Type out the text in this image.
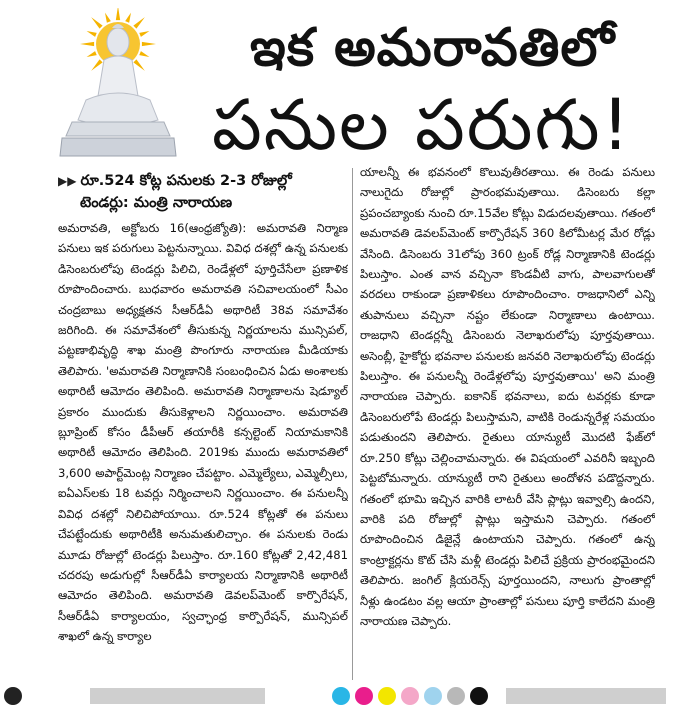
ఇక అమరావతిలో
పనుల పరుగు!
▶▶ రూ.524 కోట్ల పనులకు 2-3 రోజుల్లో
టెండర్లు: మంత్రి నారాయణ
అమరావతి, అక్టోబరు 16(ఆంధ్రజ్యోతి): అమరావతి నిర్మాణ పనులు ఇక పరుగులు పెట్టనున్నాయి. వివిధ దశల్లో ఉన్న పనులకు డిసెంబరులోపు టెండర్లు పిలిచి, రెండేళ్లలో పూర్తిచేసేలా ప్రణాళిక రూపొందించారు. బుధవారం అమరావతి సచివాలయంలో సీఎం చంద్రబాబు అధ్యక్షతన సీఆర్‌డీఏ అథారిటీ 38వ సమావేశం జరిగింది. ఈ సమావేశంలో తీసుకున్న నిర్ణయాలను మున్సిపల్, పట్టణాభివృద్ధి శాఖ మంత్రి పొంగూరు నారాయణ మీడియాకు తెలిపారు. 'అమరావతి నిర్మాణానికి సంబంధించిన ఏడు అంశాలకు అథారిటీ ఆమోదం తెలిపింది. అమరావతి నిర్మాణాలను షెడ్యూల్ ప్రకారం ముందుకు తీసుకెళ్లాలని నిర్ణయించాం. అమరావతి బ్లూప్రింట్ కోసం డీపీఆర్ తయారీకి కన్సల్టెంట్ నియామకానికి అథారిటీ ఆమోదం తెలిపింది. 2019కు ముందు అమరావతిలో 3,600 అపార్ట్‌మెంట్ల నిర్మాణం చేపట్టాం. ఎమ్మెల్యేలు, ఎమ్మెల్సీలు, ఐఏఎస్‌లకు 18 టవర్లు నిర్మించాలని నిర్ణయించాం. ఈ పనులన్నీ వివిధ దశల్లో నిలిచిపోయాయి. రూ.524 కోట్లతో ఈ పనులు చేపట్టేందుకు అథారిటీకి అనుమతులిచ్చాం. ఈ పనులకు రెండు మూడు రోజుల్లో టెండర్లు పిలుస్తాం. రూ.160 కోట్లతో 2,42,481 చదరపు అడుగుల్లో సీఆర్‌డీఏ కార్యాలయ నిర్మాణానికి అథారిటీ ఆమోదం తెలిపింది. అమరావతి డెవలప్‌మెంట్ కార్పొరేషన్, సీఆర్‌డీఏ కార్యాలయం, స్వచ్ఛాంధ్ర కార్పొరేషన్, మున్సిపల్ శాఖలో ఉన్న కార్యాల
యాలన్నీ ఈ భవనంలో కొలువుతీరతాయి. ఈ రెండు పనులు నాలుగైదు రోజుల్లో ప్రారంభమవుతాయి. డిసెంబరు కల్లా ప్రపంచబ్యాంకు నుంచి రూ.15వేల కోట్లు విడుదలవుతాయి. గతంలో అమరావతి డెవలప్‌మెంట్ కార్పొరేషన్ 360 కిలోమీటర్ల మేర రోడ్లు వేసింది. డిసెంబరు 31లోపు 360 ట్రంక్ రోడ్ల నిర్మాణానికి టెండర్లు పిలుస్తాం. ఎంత వాన వచ్చినా కొండవీటి వాగు, పాలవాగులతో వరదలు రాకుండా ప్రణాళికలు రూపొందించాం. రాజధానిలో ఎన్ని తుపానులు వచ్చినా నష్టం లేకుండా నిర్మాణాలు ఉంటాయి. రాజధాని టెండర్లన్నీ డిసెంబరు నెలాఖరులోపు పూర్తవుతాయి. అసెంబ్లీ, హైకోర్టు భవనాల పనులకు జనవరి నెలాఖరులోపు టెండర్లు పిలుస్తాం. ఈ పనులన్నీ రెండేళ్లలోపు పూర్తవుతాయి' అని మంత్రి నారాయణ చెప్పారు. ఐకానిక్ భవనాలు, ఐదు టవర్లకు కూడా డిసెంబరులోపే టెండర్లు పిలుస్తామని, వాటికి రెండున్నరేళ్ల సమయం పడుతుందని తెలిపారు. రైతులు యాన్యుటీ మొదటి ఫేజ్‌లో రూ.250 కోట్లు చెల్లించామన్నారు. ఈ విషయంలో ఎవరినీ ఇబ్బంది పెట్టబోమన్నారు. యాన్యుటీ రాని రైతులు అందోళన పడొద్దన్నారు. గతంలో భూమి ఇచ్చిన వారికి లాటరీ వేసి ప్లాట్లు ఇవ్వాల్సి ఉందని, వారికి పది రోజుల్లో ప్లాట్లు ఇస్తామని చెప్పారు. గతంలో రూపొందించిన డిజైన్లే ఉంటాయని చెప్పారు. గతంలో ఉన్న కాంట్రాక్టర్లను కొట్ చేసి మళ్లీ టెండర్లు పిలిచే ప్రక్రియ ప్రారంభమైందని తెలిపారు. జంగిల్ క్లియరెన్స్ పూర్తయిందని, నాలుగు ప్రాంతాల్లో నీళ్లు ఉండటం వల్ల ఆయా ప్రాంతాల్లో పనులు పూర్తి కాలేదని మంత్రి నారాయణ చెప్పారు.
